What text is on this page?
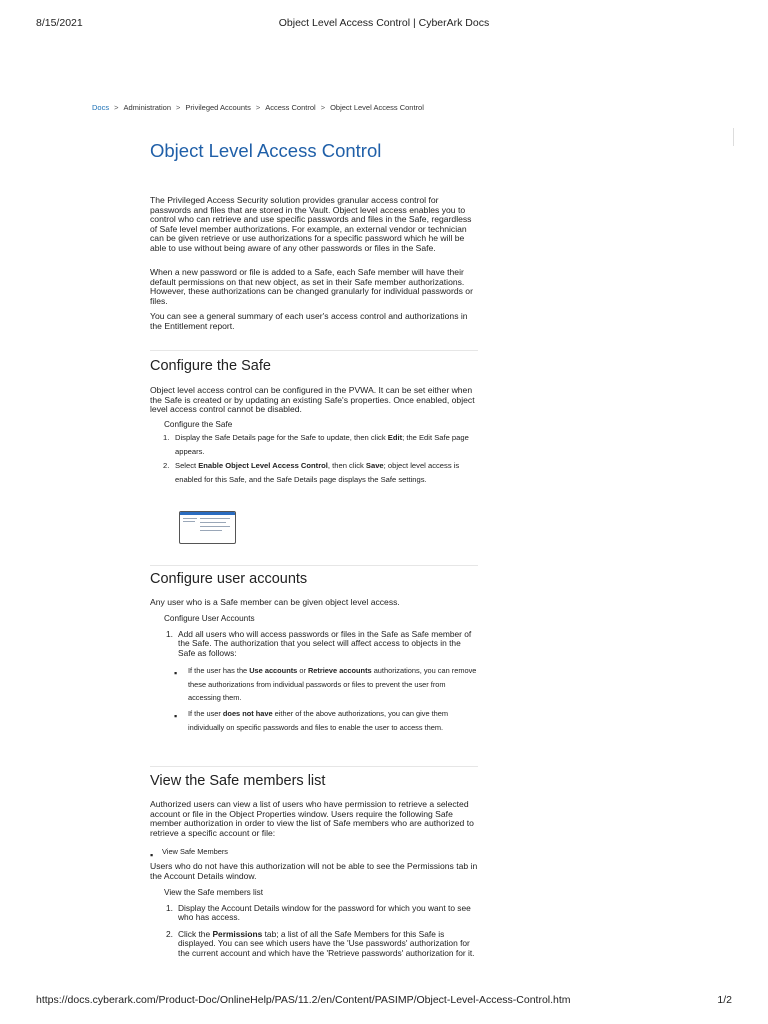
8/15/2021	Object Level Access Control | CyberArk Docs
Docs > Administration > Privileged Accounts > Access Control > Object Level Access Control
Object Level Access Control

The Privileged Access Security solution provides granular access control for passwords and files that are stored in the Vault. Object level access enables you to control who can retrieve and use specific passwords and files in the Safe, regardless of Safe level member authorizations. For example, an external vendor or technician can be given retrieve or use authorizations for a specific password which he will be able to use without being aware of any other passwords or files in the Safe.

When a new password or file is added to a Safe, each Safe member will have their default permissions on that new object, as set in their Safe member authorizations. However, these authorizations can be changed granularly for individual passwords or files.

You can see a general summary of each user's access control and authorizations in the Entitlement report.

Configure the Safe

Object level access control can be configured in the PVWA. It can be set either when the Safe is created or by updating an existing Safe's properties. Once enabled, object level access control cannot be disabled.

Configure the Safe
1. Display the Safe Details page for the Safe to update, then click Edit; the Edit Safe page appears.
2. Select Enable Object Level Access Control, then click Save; object level access is enabled for this Safe, and the Safe Details page displays the Safe settings.
Configure user accounts

Any user who is a Safe member can be given object level access.

Configure User Accounts
1. Add all users who will access passwords or files in the Safe as Safe member of the Safe. The authorization that you select will affect access to objects in the Safe as follows:
▪ If the user has the Use accounts or Retrieve accounts authorizations, you can remove these authorizations from individual passwords or files to prevent the user from accessing them.
▪ If the user does not have either of the above authorizations, you can give them individually on specific passwords and files to enable the user to access them.
View the Safe members list

Authorized users can view a list of users who have permission to retrieve a selected account or file in the Object Properties window. Users require the following Safe member authorization in order to view the list of Safe members who are authorized to retrieve a specific account or file:

▪ View Safe Members

Users who do not have this authorization will not be able to see the Permissions tab in the Account Details window.

View the Safe members list
1. Display the Account Details window for the password for which you want to see who has access.
2. Click the Permissions tab; a list of all the Safe Members for this Safe is displayed. You can see which users have the 'Use passwords' authorization for the current account and which have the 'Retrieve passwords' authorization for it.
https://docs.cyberark.com/Product-Doc/OnlineHelp/PAS/11.2/en/Content/PASIMP/Object-Level-Access-Control.htm	1/2
